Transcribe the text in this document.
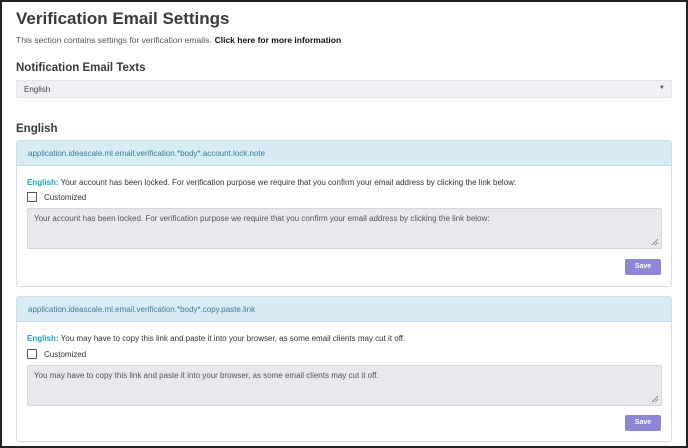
Verification Email Settings
This section contains settings for verification emails. Click here for more information
Notification Email Texts
English	▼
English
application.ideascale.ml.email.verification.*body*.account.lock.note
English: Your account has been locked. For verification purpose we require that you confirm your email address by clicking the link below:
Customized
Your account has been locked. For verification purpose we require that you confirm your email address by clicking the link below:
Save
application.ideascale.ml.email.verification.*body*.copy.paste.link
English: You may have to copy this link and paste it into your browser, as some email clients may cut it off.
Customized
You may have to copy this link and paste it into your browser, as some email clients may cut it off.
Save
